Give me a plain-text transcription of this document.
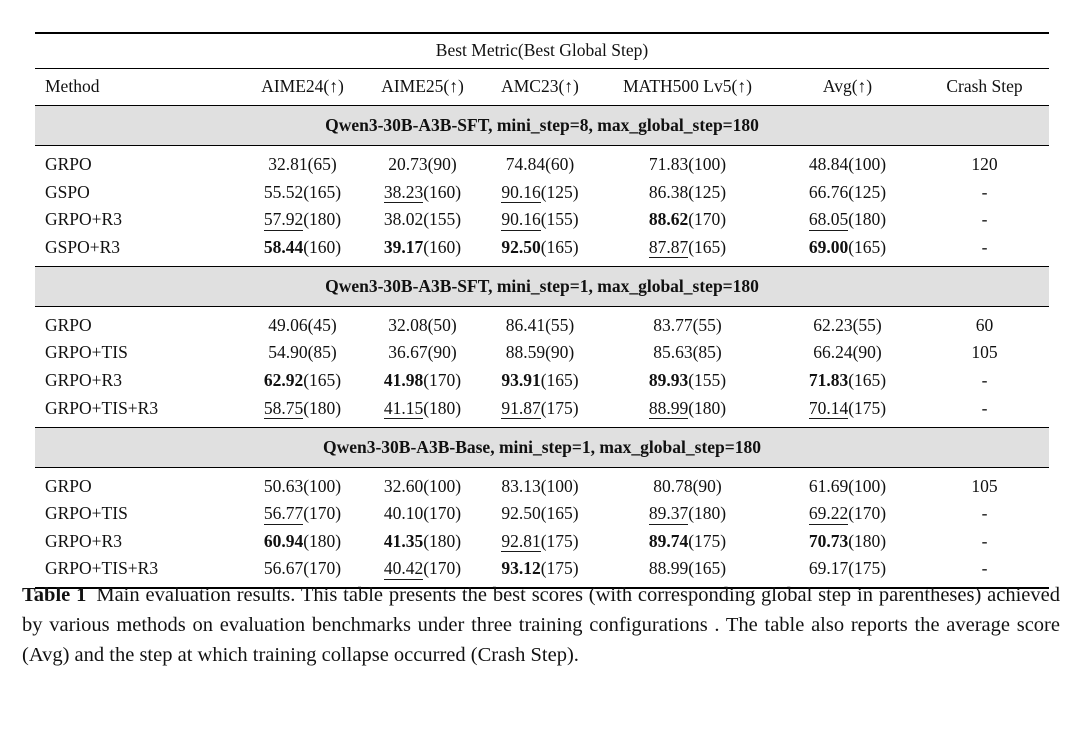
Best Metric(Best Global Step)						
Method	AIME24(↑)	AIME25(↑)	AMC23(↑)	MATH500 Lv5(↑)	Avg(↑)	Crash Step
Qwen3-30B-A3B-SFT, mini_step=8, max_global_step=180						
GRPO	32.81(65)	20.73(90)	74.84(60)	71.83(100)	48.84(100)	120
GSPO	55.52(165)	38.23(160)	90.16(125)	86.38(125)	66.76(125)	-
GRPO+R3	57.92(180)	38.02(155)	90.16(155)	88.62(170)	68.05(180)	-
GSPO+R3	58.44(160)	39.17(160)	92.50(165)	87.87(165)	69.00(165)	-
Qwen3-30B-A3B-SFT, mini_step=1, max_global_step=180						
GRPO	49.06(45)	32.08(50)	86.41(55)	83.77(55)	62.23(55)	60
GRPO+TIS	54.90(85)	36.67(90)	88.59(90)	85.63(85)	66.24(90)	105
GRPO+R3	62.92(165)	41.98(170)	93.91(165)	89.93(155)	71.83(165)	-
GRPO+TIS+R3	58.75(180)	41.15(180)	91.87(175)	88.99(180)	70.14(175)	-
Qwen3-30B-A3B-Base, mini_step=1, max_global_step=180						
GRPO	50.63(100)	32.60(100)	83.13(100)	80.78(90)	61.69(100)	105
GRPO+TIS	56.77(170)	40.10(170)	92.50(165)	89.37(180)	69.22(170)	-
GRPO+R3	60.94(180)	41.35(180)	92.81(175)	89.74(175)	70.73(180)	-
GRPO+TIS+R3	56.67(170)	40.42(170)	93.12(175)	88.99(165)	69.17(175)	-

Table 1 Main evaluation results. This table presents the best scores (with corresponding global step in parentheses) achieved by various methods on evaluation benchmarks under three training configurations . The table also reports the average score (Avg) and the step at which training collapse occurred (Crash Step).
